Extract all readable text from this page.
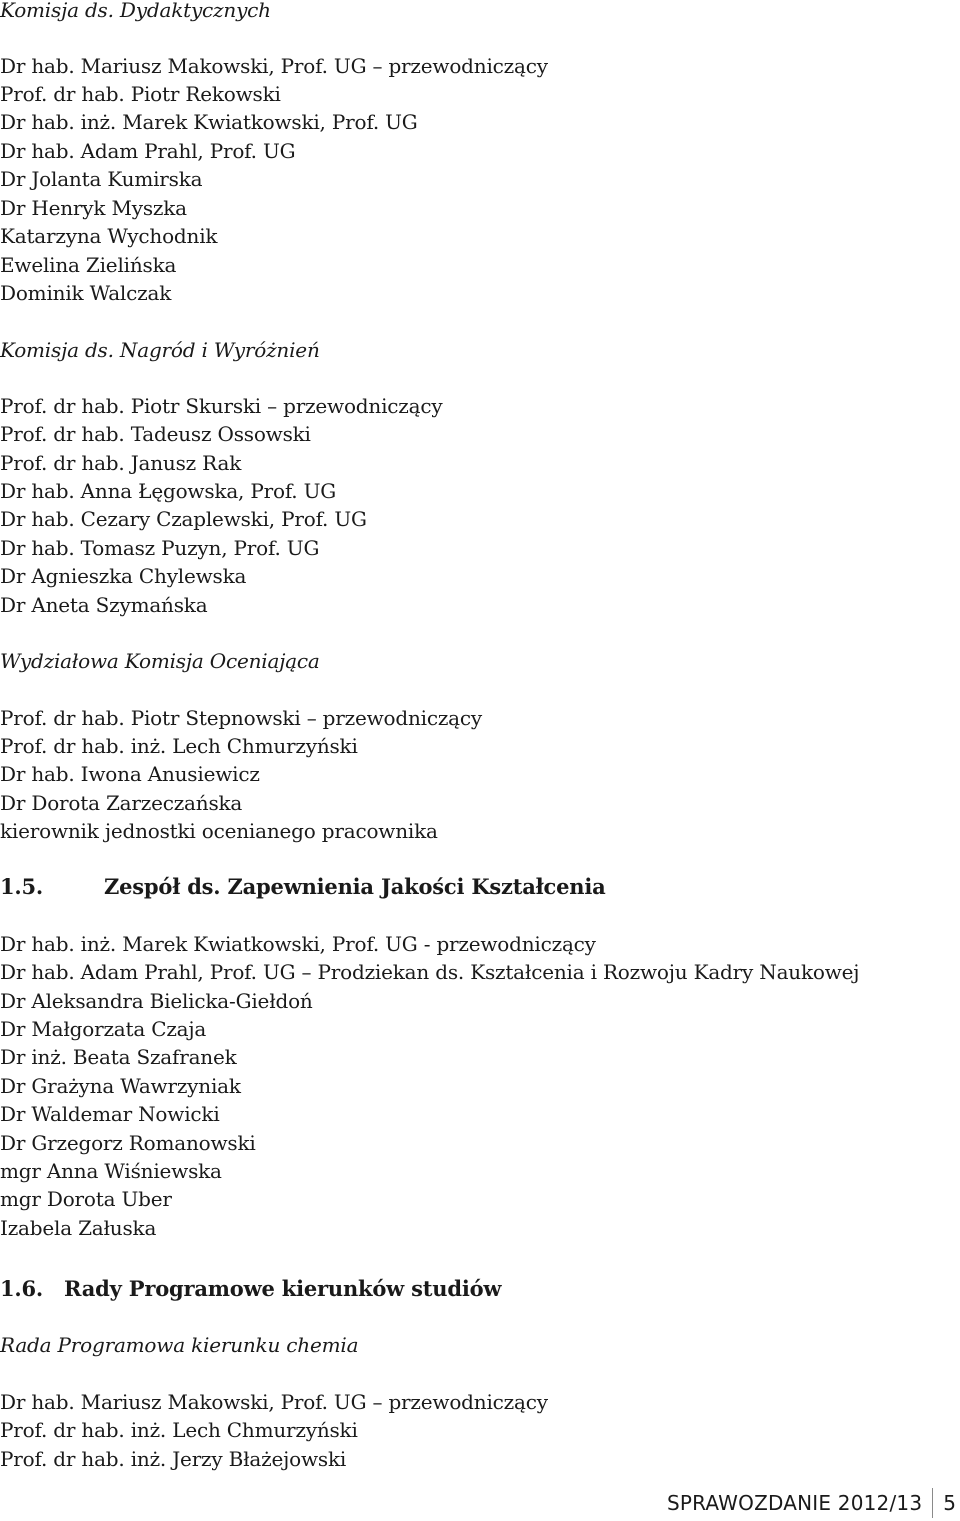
Komisja ds. Dydaktycznych
Dr hab. Mariusz Makowski, Prof. UG – przewodniczący
Prof. dr hab. Piotr Rekowski
Dr hab. inż. Marek Kwiatkowski, Prof. UG
Dr hab. Adam Prahl, Prof. UG
Dr Jolanta Kumirska
Dr Henryk Myszka
Katarzyna Wychodnik
Ewelina Zielińska
Dominik Walczak
Komisja ds. Nagród i Wyróżnień
Prof. dr hab. Piotr Skurski – przewodniczący
Prof. dr hab. Tadeusz Ossowski
Prof. dr hab. Janusz Rak
Dr hab. Anna Łęgowska, Prof. UG
Dr hab. Cezary Czaplewski, Prof. UG
Dr hab. Tomasz Puzyn, Prof. UG
Dr Agnieszka Chylewska
Dr Aneta Szymańska
Wydziałowa Komisja Oceniająca
Prof. dr hab. Piotr Stepnowski – przewodniczący
Prof. dr hab. inż. Lech Chmurzyński
Dr hab. Iwona Anusiewicz
Dr Dorota Zarzeczańska
kierownik jednostki ocenianego pracownika
1.5.	Zespół ds. Zapewnienia Jakości Kształcenia
Dr hab. inż. Marek Kwiatkowski, Prof. UG - przewodniczący
Dr hab. Adam Prahl, Prof. UG – Prodziekan ds. Kształcenia i Rozwoju Kadry Naukowej
Dr Aleksandra Bielicka-Giełdoń
Dr Małgorzata Czaja
Dr inż. Beata Szafranek
Dr Grażyna Wawrzyniak
Dr Waldemar Nowicki
Dr Grzegorz Romanowski
mgr Anna Wiśniewska
mgr Dorota Uber
Izabela Załuska
1.6. Rady Programowe kierunków studiów
Rada Programowa kierunku chemia
Dr hab. Mariusz Makowski, Prof. UG – przewodniczący
Prof. dr hab. inż. Lech Chmurzyński
Prof. dr hab. inż. Jerzy Błażejowski
SPRAWOZDANIE 2012/13	5
